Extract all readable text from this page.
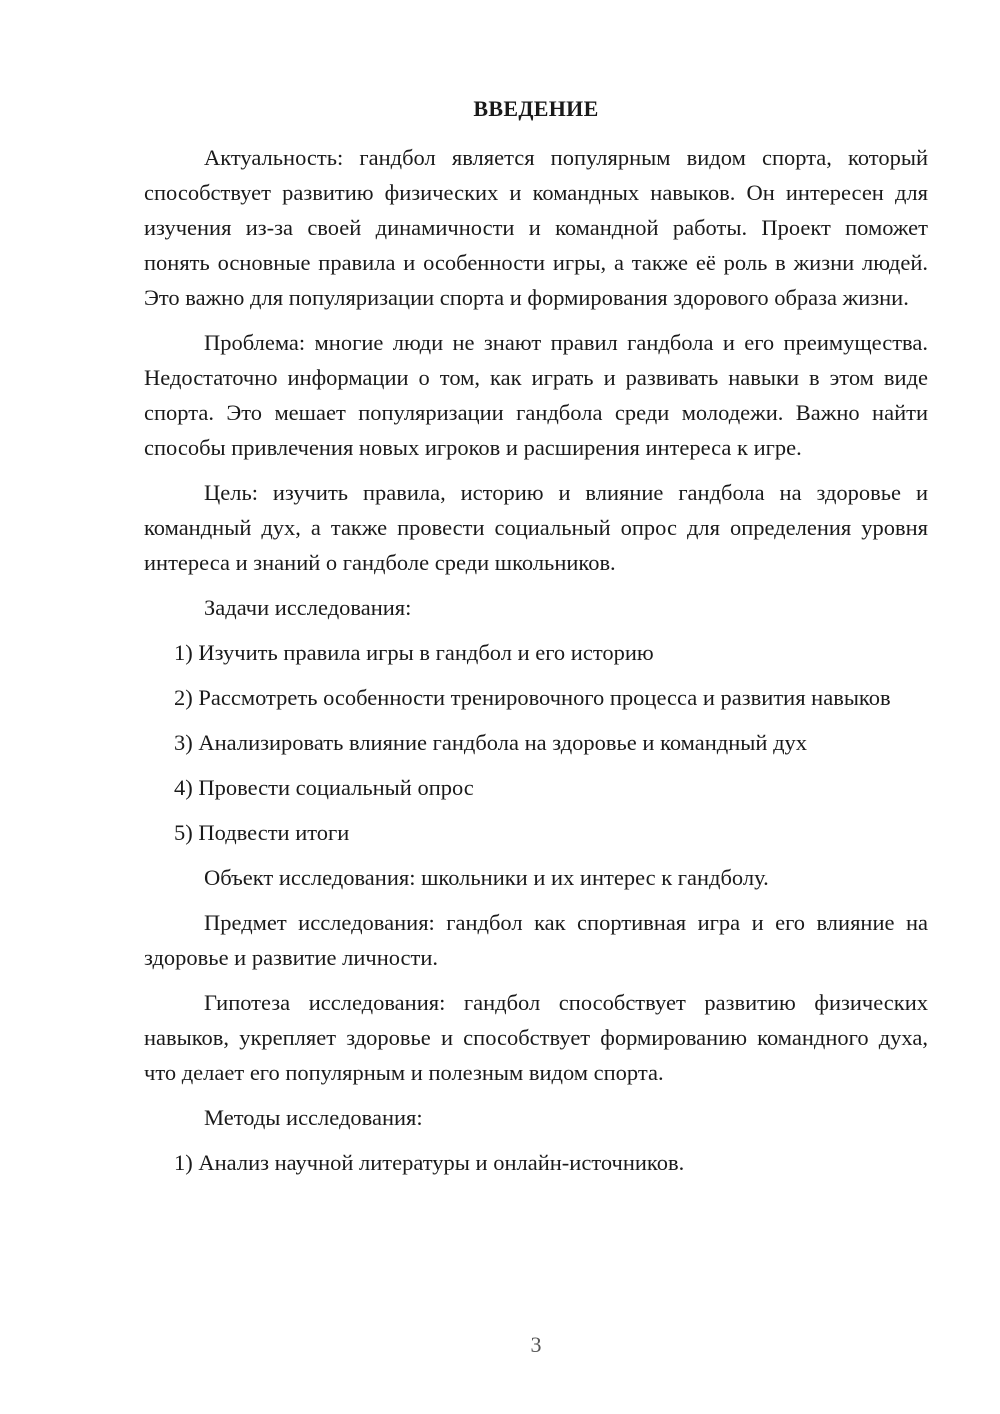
ВВЕДЕНИЕ

Актуальность: гандбол является популярным видом спорта, который способствует развитию физических и командных навыков. Он интересен для изучения из-за своей динамичности и командной работы. Проект поможет понять основные правила и особенности игры, а также её роль в жизни людей. Это важно для популяризации спорта и формирования здорового образа жизни.

Проблема: многие люди не знают правил гандбола и его преимущества. Недостаточно информации о том, как играть и развивать навыки в этом виде спорта. Это мешает популяризации гандбола среди молодежи. Важно найти способы привлечения новых игроков и расширения интереса к игре.

Цель: изучить правила, историю и влияние гандбола на здоровье и командный дух, а также провести социальный опрос для определения уровня интереса и знаний о гандболе среди школьников.

Задачи исследования:

1) Изучить правила игры в гандбол и его историю

2) Рассмотреть особенности тренировочного процесса и развития навыков

3) Анализировать влияние гандбола на здоровье и командный дух

4) Провести социальный опрос

5) Подвести итоги

Объект исследования: школьники и их интерес к гандболу.

Предмет исследования: гандбол как спортивная игра и его влияние на здоровье и развитие личности.

Гипотеза исследования: гандбол способствует развитию физических навыков, укрепляет здоровье и способствует формированию командного духа, что делает его популярным и полезным видом спорта.

Методы исследования:

1) Анализ научной литературы и онлайн-источников.

3
